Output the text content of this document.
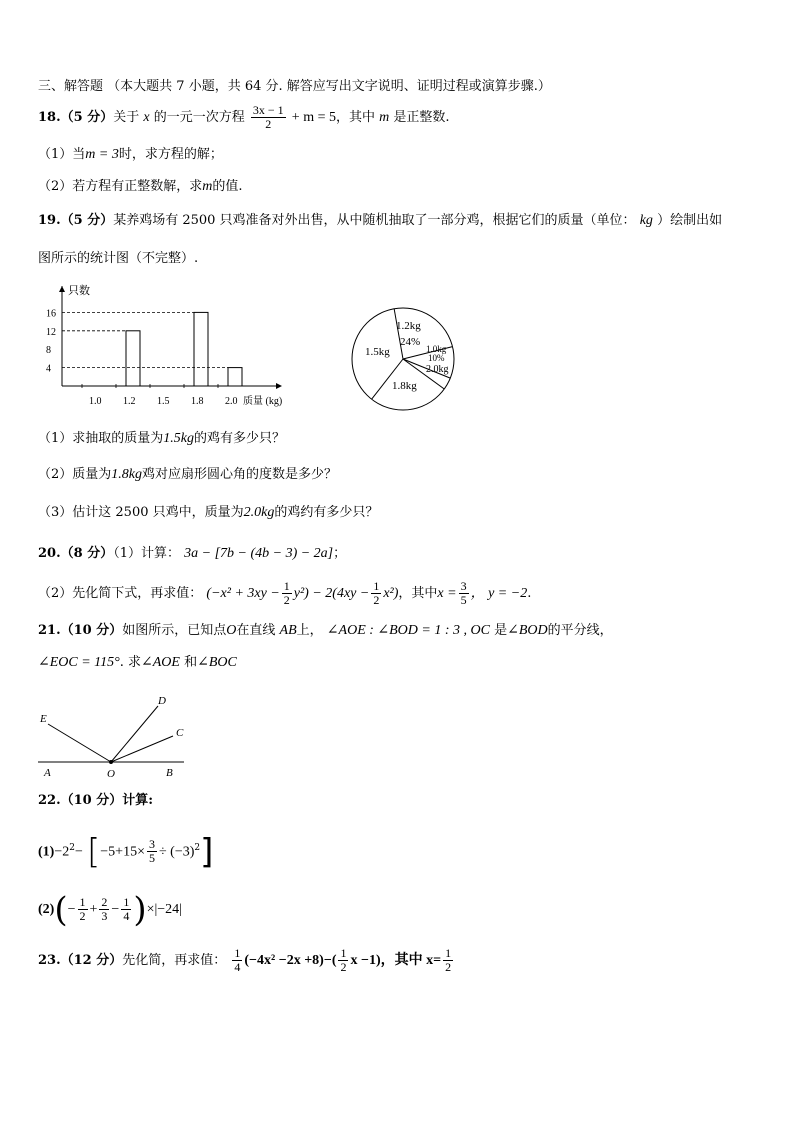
三、解答题 （本大题共 7 小题，共 64 分. 解答应写出文字说明、证明过程或演算步骤.）
18.（5 分）关于 x 的一元一次方程 $\frac{3x - 1}{2} + m = 5$，其中 m 是正整数.
（1）当m = 3时，求方程的解；
（2）若方程有正整数解，求m的值.
19.（5 分）某养鸡场有 2500 只鸡准备对外出售，从中随机抽取了一部分鸡，根据它们的质量（单位： kg ）绘制出如
图所示的统计图（不完整）.
只数
质量 (kg)
4
8
12
16
1.0 1.2 1.5 1.8 2.0
1.2kg
24%
1.0kg
10%
2.0kg
1.8kg
1.5kg
（1）求抽取的质量为1.5kg的鸡有多少只？
（2）质量为1.8kg鸡对应扇形圆心角的度数是多少？
（3）估计这 2500 只鸡中，质量为2.0kg的鸡约有多少只？
20.（8 分）（1）计算： 3a − [7b − (4b − 3) − 2a]；
（2）先化简下式，再求值： $(-x^2 + 3xy - \frac{1}{2} y^2) - 2(4xy - \frac{1}{2} x^2)$，其中$x = \frac{3}{5}$ ， y = −2.
21.（10 分）如图所示，已知点O在直线 AB上， ∠AOE : ∠BOD = 1 : 3 , OC 是∠BOD的平分线，
∠EOC = 115°. 求∠AOE 和∠BOC
E
D
C
A	O	B
22.（10 分）计算:
$(1)-2^2- [-5+15\times \frac{3}{5} \div (-3)^2]$
$(2)(- \frac{1}{2} + \frac{2}{3} - \frac{1}{4} )\times|-24|$
23.（12 分）先化简，再求值： $\frac{1}{4} (-4x^2 -2x +8)-( \frac{1}{2}$ x −1)，其中 $x= \frac{1}{2}$
